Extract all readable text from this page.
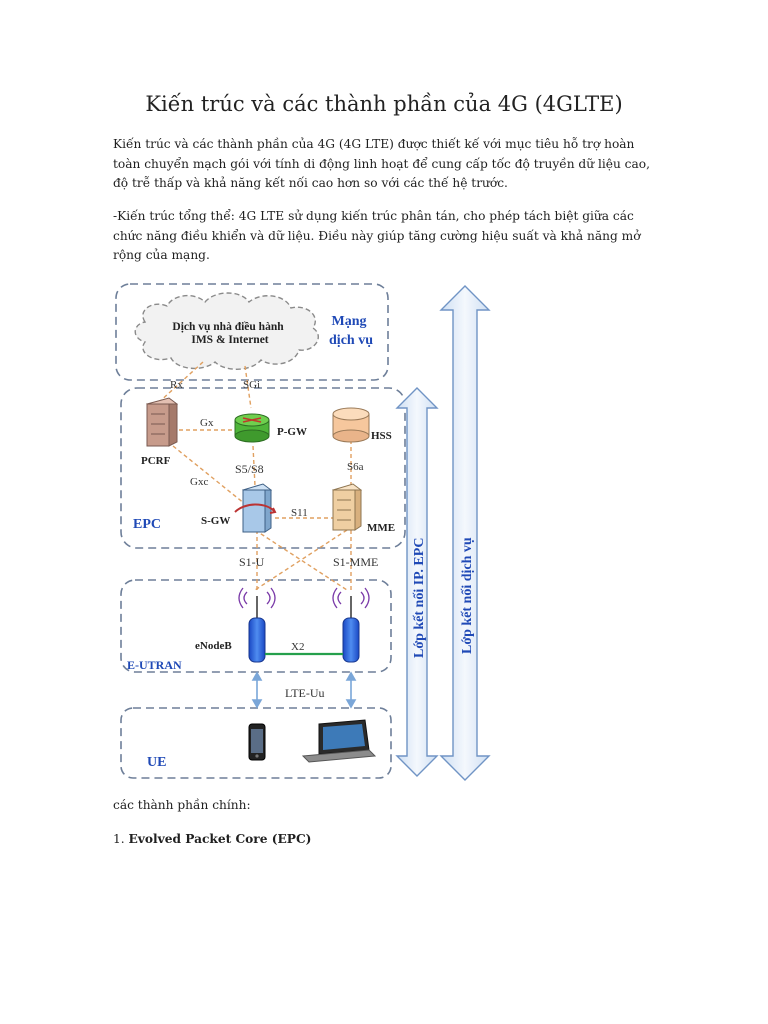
Kiến trúc và các thành phần của 4G (4GLTE)

Kiến trúc và các thành phần của 4G (4G LTE) được thiết kế với mục tiêu hỗ trợ hoàn toàn chuyển mạch gói với tính di động linh hoạt để cung cấp tốc độ truyền dữ liệu cao, độ trễ thấp và khả năng kết nối cao hơn so với các thế hệ trước.

-Kiến trúc tổng thể: 4G LTE sử dụng kiến trúc phân tán, cho phép tách biệt giữa các chức năng điều khiển và dữ liệu. Điều này giúp tăng cường hiệu suất và khả năng mở rộng của mạng.

Dịch vụ nhà điều hành
IMS & Internet
Mạng
dịch vụ
Rx	SGi
PCRF
Gx
P-GW	HSS
S5/S8	S6a
Gxc
S-GW
S11
MME
EPC
S1-U	S1-MME
X2
eNodeB
E-UTRAN
LTE-Uu
UE
Lớp kết nối IP. EPC Lớp kết nối dịch vụ

các thành phần chính:

1. Evolved Packet Core (EPC)
